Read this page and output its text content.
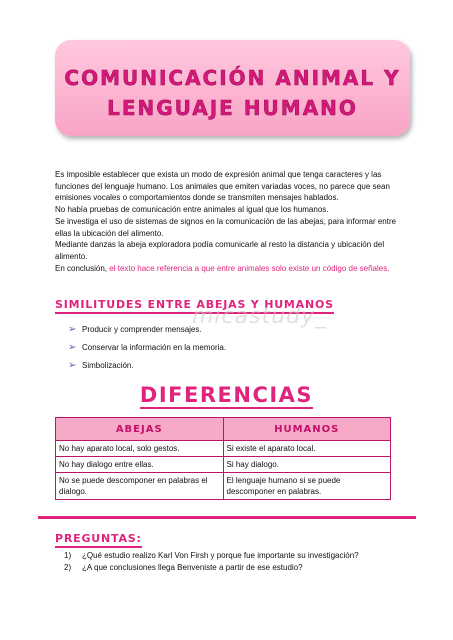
COMUNICACIÓN ANIMAL Y
LENGUAJE HUMANO

Es imposible establecer que exista un modo de expresión animal que tenga caracteres y las funciones del lenguaje humano. Los animales que emiten variadas voces, no parece que sean emisiones vocales o comportamientos donde se transmiten mensajes hablados.

No había pruebas de comunicación entre animales al igual que los humanos.

Se investiga el uso de sistemas de signos en la comunicación de las abejas, para informar entre ellas la ubicación del alimento.

Mediante danzas la abeja exploradora podía comunicarle al resto la distancia y ubicación del alimento.

En conclusión, el texto hace referencia a que entre animales solo existe un código de señales.

SIMILITUDES ENTRE ABEJAS Y HUMANOS
micastudy_
➢ Producir y comprender mensajes.
➢ Conservar la información en la memoria.
➢ Simbolización.
DIFERENCIAS
ABEJAS	HUMANOS
No hay aparato local, solo gestos.	Si existe el aparato local.
No hay dialogo entre ellas.	Si hay dialogo.
No se puede descomponer en palabras el dialogo.	El lenguaje humano si se puede descomponer en palabras.
PREGUNTAS:
1)	¿Qué estudio realizo Karl Von Firsh y porque fue importante su investigación?
2)	¿A que conclusiones llega Benveniste a partir de ese estudio?
